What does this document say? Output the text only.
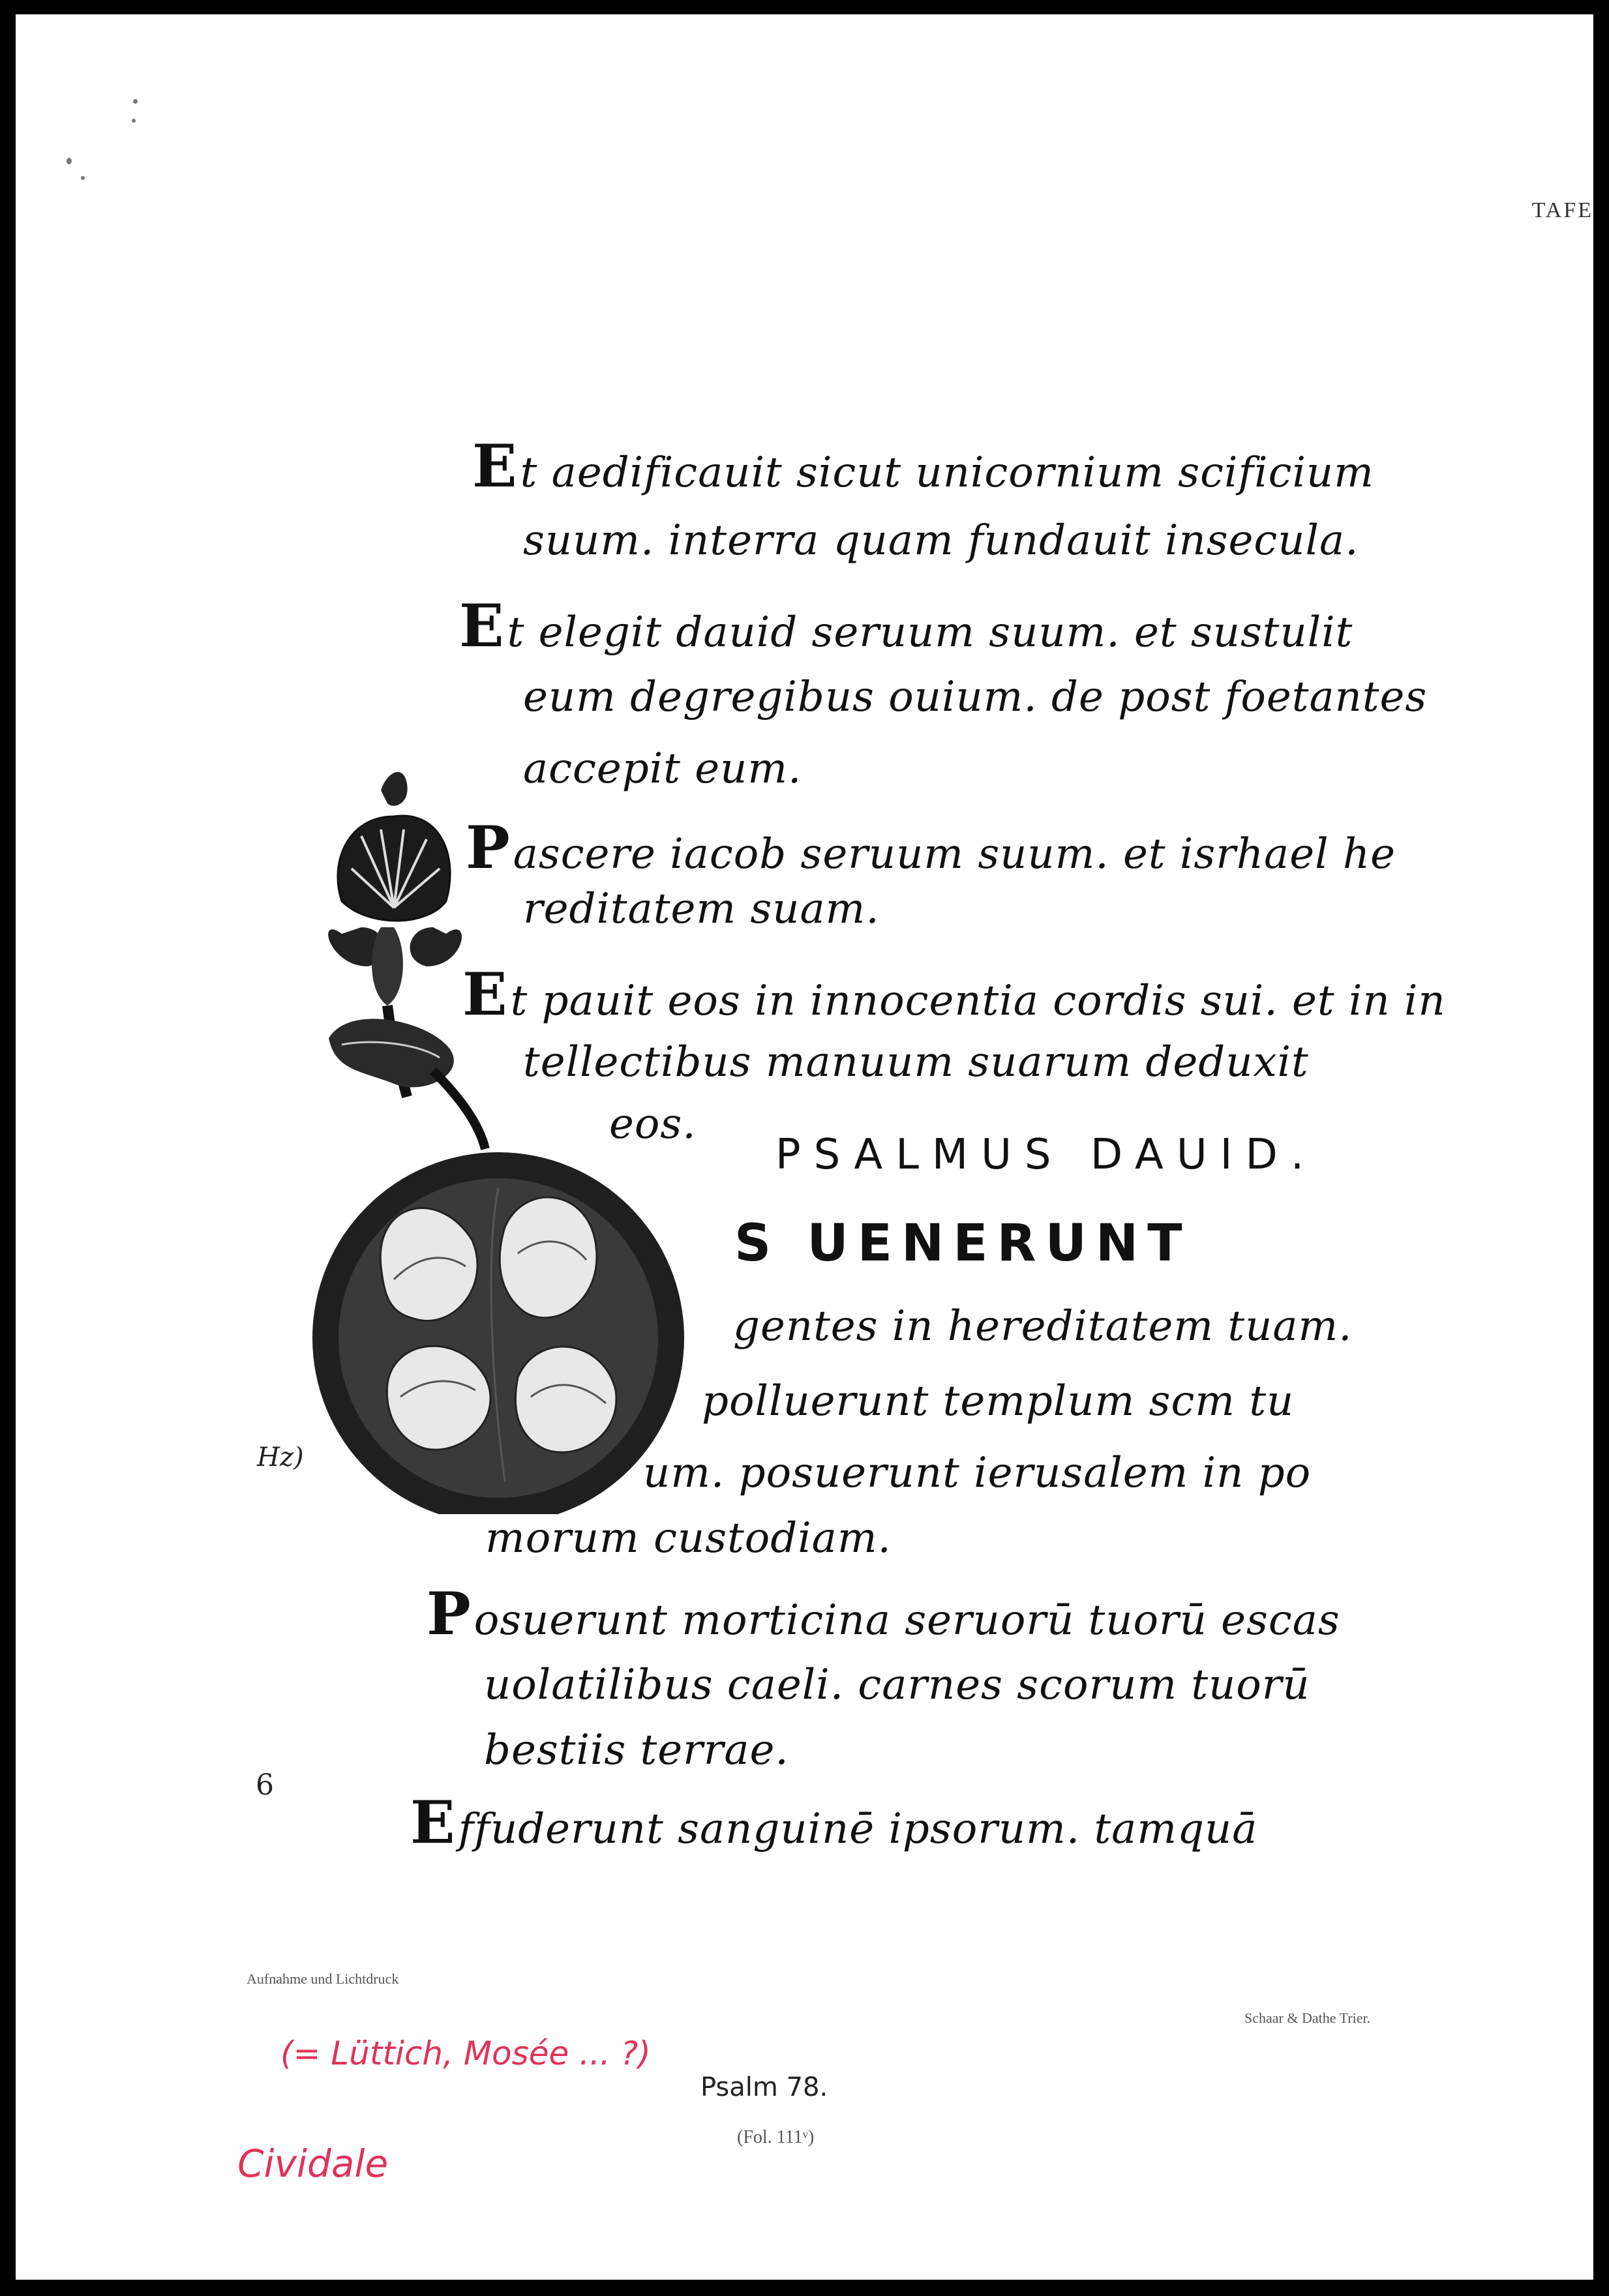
TAFE
Et aedificauit sicut unicornium scificium
suum. interra quam fundauit insecula.
Et elegit dauid seruum suum. et sustulit
eum degregibus ouium. de post foetantes
accepit eum.
Pascere iacob seruum suum. et isrhael he
reditatem suam.
Et pauit eos in innocentia cordis sui. et in in
tellectibus manuum suarum deduxit
eos.
PSALMUS DAUID.
S UENERUNT
gentes in hereditatem tuam.
polluerunt templum scm tu
um. posuerunt ierusalem in po
morum custodiam.
Posuerunt morticina seruorū tuorū escas
uolatilibus caeli. carnes scorum tuorū
bestiis terrae.
Effuderunt sanguinē ipsorum. tamquā
Hz)
6
Aufnahme und Lichtdruck
Schaar & Dathe Trier.
Psalm 78.
(Fol. 111ᵛ)
(= Lüttich, Mosée ... ?)
Cividale
